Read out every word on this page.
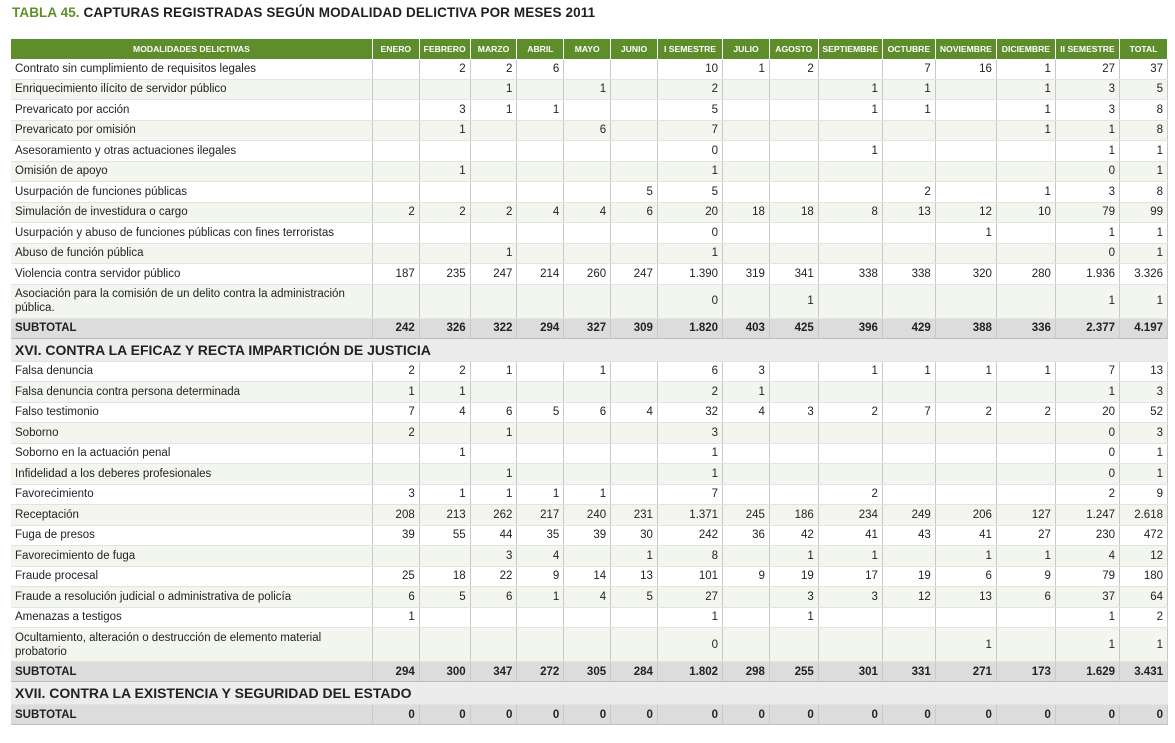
TABLA 45. CAPTURAS REGISTRADAS SEGÚN MODALIDAD DELICTIVA POR MESES 2011
MODALIDADES DELICTIVAS	ENERO	FEBRERO	MARZO	ABRIL	MAYO	JUNIO	I SEMESTRE	JULIO	AGOSTO	SEPTIEMBRE	OCTUBRE	NOVIEMBRE	DICIEMBRE	II SEMESTRE	TOTAL
Contrato sin cumplimiento de requisitos legales		2	2	6			10	1	2		7	16	1	27	37
Enriquecimiento ilícito de servidor público			1		1		2			1	1		1	3	5
Prevaricato por acción		3	1	1			5			1	1		1	3	8
Prevaricato por omisión		1			6		7						1	1	8
Asesoramiento y otras actuaciones ilegales							0			1				1	1
Omisión de apoyo		1					1							0	1
Usurpación de funciones públicas						5	5				2		1	3	8
Simulación de investidura o cargo	2	2	2	4	4	6	20	18	18	8	13	12	10	79	99
Usurpación y abuso de funciones públicas con fines terroristas							0					1		1	1
Abuso de función pública			1				1							0	1
Violencia contra servidor público	187	235	247	214	260	247	1.390	319	341	338	338	320	280	1.936	3.326
Asociación para la comisión de un delito contra la administración pública.							0		1					1	1
SUBTOTAL	242	326	322	294	327	309	1.820	403	425	396	429	388	336	2.377	4.197
XVI. CONTRA LA EFICAZ Y RECTA IMPARTICIÓN DE JUSTICIA															
Falsa denuncia	2	2	1		1		6	3		1	1	1	1	7	13
Falsa denuncia contra persona determinada	1	1					2	1						1	3
Falso testimonio	7	4	6	5	6	4	32	4	3	2	7	2	2	20	52
Soborno	2		1				3							0	3
Soborno en la actuación penal		1					1							0	1
Infidelidad a los deberes profesionales			1				1							0	1
Favorecimiento	3	1	1	1	1		7			2				2	9
Receptación	208	213	262	217	240	231	1.371	245	186	234	249	206	127	1.247	2.618
Fuga de presos	39	55	44	35	39	30	242	36	42	41	43	41	27	230	472
Favorecimiento de fuga			3	4		1	8		1	1		1	1	4	12
Fraude procesal	25	18	22	9	14	13	101	9	19	17	19	6	9	79	180
Fraude a resolución judicial o administrativa de policía	6	5	6	1	4	5	27		3	3	12	13	6	37	64
Amenazas a testigos	1						1		1					1	2
Ocultamiento, alteración o destrucción de elemento material probatorio							0					1		1	1
SUBTOTAL	294	300	347	272	305	284	1.802	298	255	301	331	271	173	1.629	3.431
XVII. CONTRA LA EXISTENCIA Y SEGURIDAD DEL ESTADO															
SUBTOTAL	0	0	0	0	0	0	0	0	0	0	0	0	0	0	0
